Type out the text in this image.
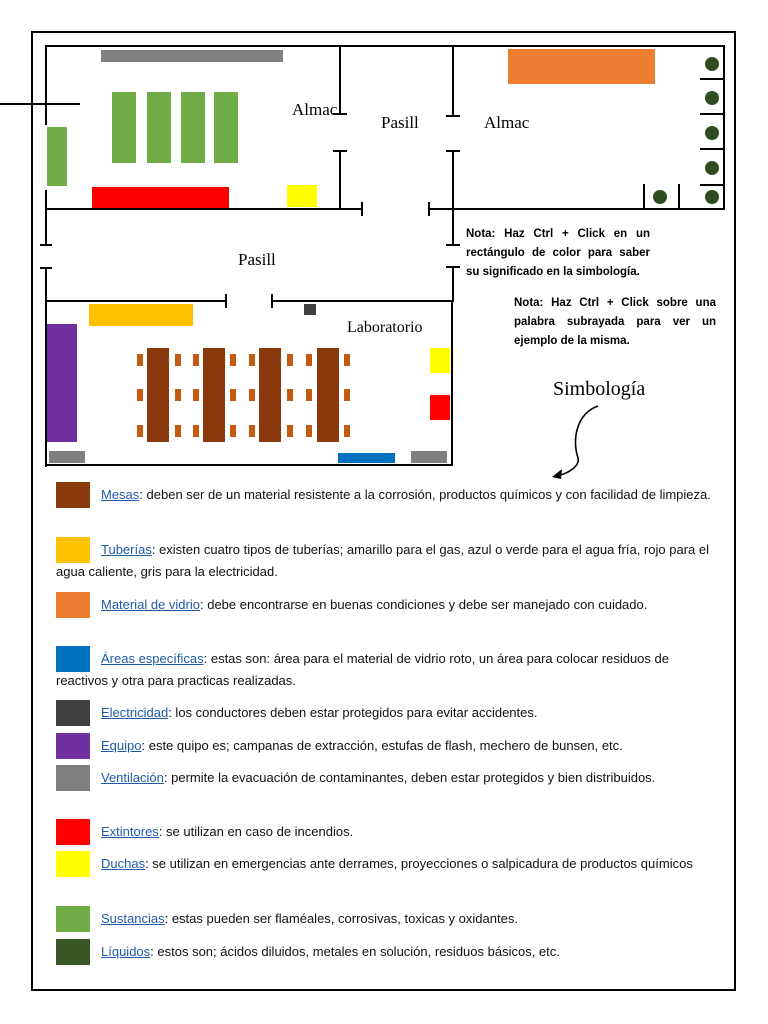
Almac
Pasill	Almac
Pasill
Laboratorio
Nota: Haz Ctrl + Click en un rectángulo de color para saber su significado en la simbología.
Nota: Haz Ctrl + Click sobre una palabra subrayada para ver un ejemplo de la misma.
Simbología
Mesas: deben ser de un material resistente a la corrosión, productos químicos y con facilidad de limpieza.
Tuberías: existen cuatro tipos de tuberías; amarillo para el gas, azul o verde para el agua fría, rojo para el agua caliente, gris para la electricidad.
Material de vidrio: debe encontrarse en buenas condiciones y debe ser manejado con cuidado.
Áreas específicas: estas son: área para el material de vidrio roto, un área para colocar residuos de reactivos y otra para practicas realizadas.
Electricidad: los conductores deben estar protegidos para evitar accidentes.
Equipo: este quipo es; campanas de extracción, estufas de flash, mechero de bunsen, etc.
Ventilación: permite la evacuación de contaminantes, deben estar protegidos y bien distribuidos.
Extintores: se utilizan en caso de incendios.
Duchas: se utilizan en emergencias ante derrames, proyecciones o salpicadura de productos químicos
Sustancias: estas pueden ser flaméales, corrosivas, toxicas y oxidantes.
Líquidos: estos son; ácidos diluidos, metales en solución, residuos básicos, etc.
